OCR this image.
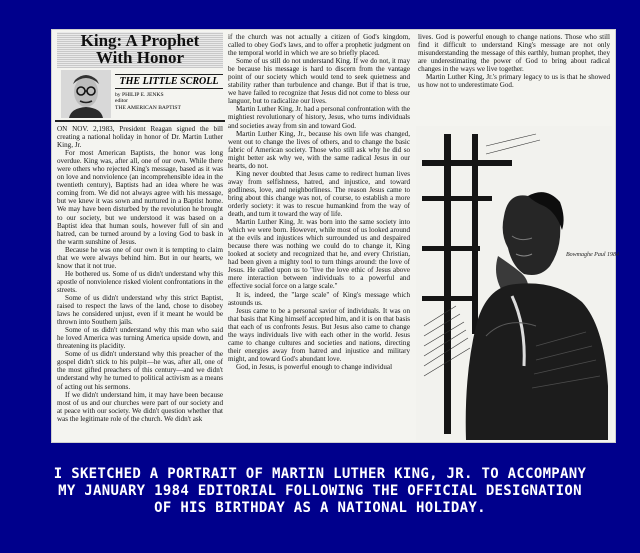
King: A Prophet
With Honor
THE LITTLE SCROLL
by PHILIP E. JENKS
editor
THE AMERICAN BAPTIST

ON NOV. 2,1983, President Reagan signed the bill creating a national holiday in honor of Dr. Martin Luther King, Jr.

For most American Baptists, the honor was long overdue. King was, after all, one of our own. While there were others who rejected King's message, based as it was on love and nonviolence (an incomprehensible idea in the twentieth century), Baptists had an idea where he was coming from. We did not always agree with his message, but we knew it was sown and nurtured in a Baptist home. We may have been disturbed by the revolution he brought to our society, but we understood it was based on a Baptist idea that human souls, however full of sin and hatred, can be turned around by a loving God to bask in the warm sunshine of Jesus.

Because he was one of our own it is tempting to claim that we were always behind him. But in our hearts, we know that it not true.

He bothered us. Some of us didn't understand why this apostle of nonviolence risked violent confrontations in the streets.

Some of us didn't understand why this strict Baptist, raised to respect the laws of the land, chose to disobey laws he considered unjust, even if it meant he would be thrown into Southern jails.

Some of us didn't understand why this man who said he loved America was turning America upside down, and threatening its placidity.

Some of us didn't understand why this preacher of the gospel didn't stick to his pulpit—he was, after all, one of the most gifted preachers of this century—and we didn't understand why he turned to political activism as a means of acting out his sermons.

If we didn't understand him, it may have been because most of us and our churches were part of our society and at peace with our society. We didn't question whether that was the legitimate role of the church. We didn't ask

if the church was not actually a citizen of God's kingdom, called to obey God's laws, and to offer a prophetic judgment on the temporal world in which we are so briefly placed.

Some of us still do not understand King. If we do not, it may be because his message is hard to discern from the vantage point of our society which would tend to seek quietness and stability rather than turbulence and change. But if that is true, we have failed to recognize that Jesus did not come to bless our languor, but to radicalize our lives.

Martin Luther King, Jr. had a personal confrontation with the mightiest revolutionary of history, Jesus, who turns individuals and societies away from sin and toward God.

Martin Luther King, Jr., because his own life was changed, went out to change the lives of others, and to change the basic fabric of American society. Those who still ask why he did so might better ask why we, with the same radical Jesus in our hearts, do not.

King never doubted that Jesus came to redirect human lives away from selfishness, hatred, and injustice, and toward godliness, love, and neighborliness. The reason Jesus came to bring about this change was not, of course, to establish a more orderly society: it was to rescue humankind from the way of death, and turn it toward the way of life.

Martin Luther King, Jr. was born into the same society into which we were born. However, while most of us looked around at the evils and injustices which surrounded us and despaired because there was nothing we could do to change it, King looked at society and recognized that he, and every Christian, had been given a mighty tool to turn things around: the love of Jesus. He called upon us to "live the love ethic of Jesus above mere interaction between individuals to a powerful and effective social force on a large scale."

It is, indeed, the "large scale" of King's message which astounds us.

Jesus came to be a personal savior of individuals. It was on that basis that King himself accepted him, and it is on that basis that each of us confronts Jesus. But Jesus also came to change the ways individuals live with each other in the world. Jesus came to change cultures and societies and nations, directing their energies away from hatred and injustice and military might, and toward God's abundant love.

God, in Jesus, is powerful enough to change individual

lives. God is powerful enough to change nations. Those who still find it difficult to understand King's message are not only misunderstanding the message of this earthly, human prophet, they are underestimating the power of God to bring about radical changes in the ways we live together.

Martin Luther King, Jr.'s primary legacy to us is that he showed us how not to underestimate God.

Bowmaghe Paul 1984
I SKETCHED A PORTRAIT OF MARTIN LUTHER KING, JR. TO ACCOMPANY
MY JANUARY 1984 EDITORIAL FOLLOWING THE OFFICIAL DESIGNATION
OF HIS BIRTHDAY AS A NATIONAL HOLIDAY.
